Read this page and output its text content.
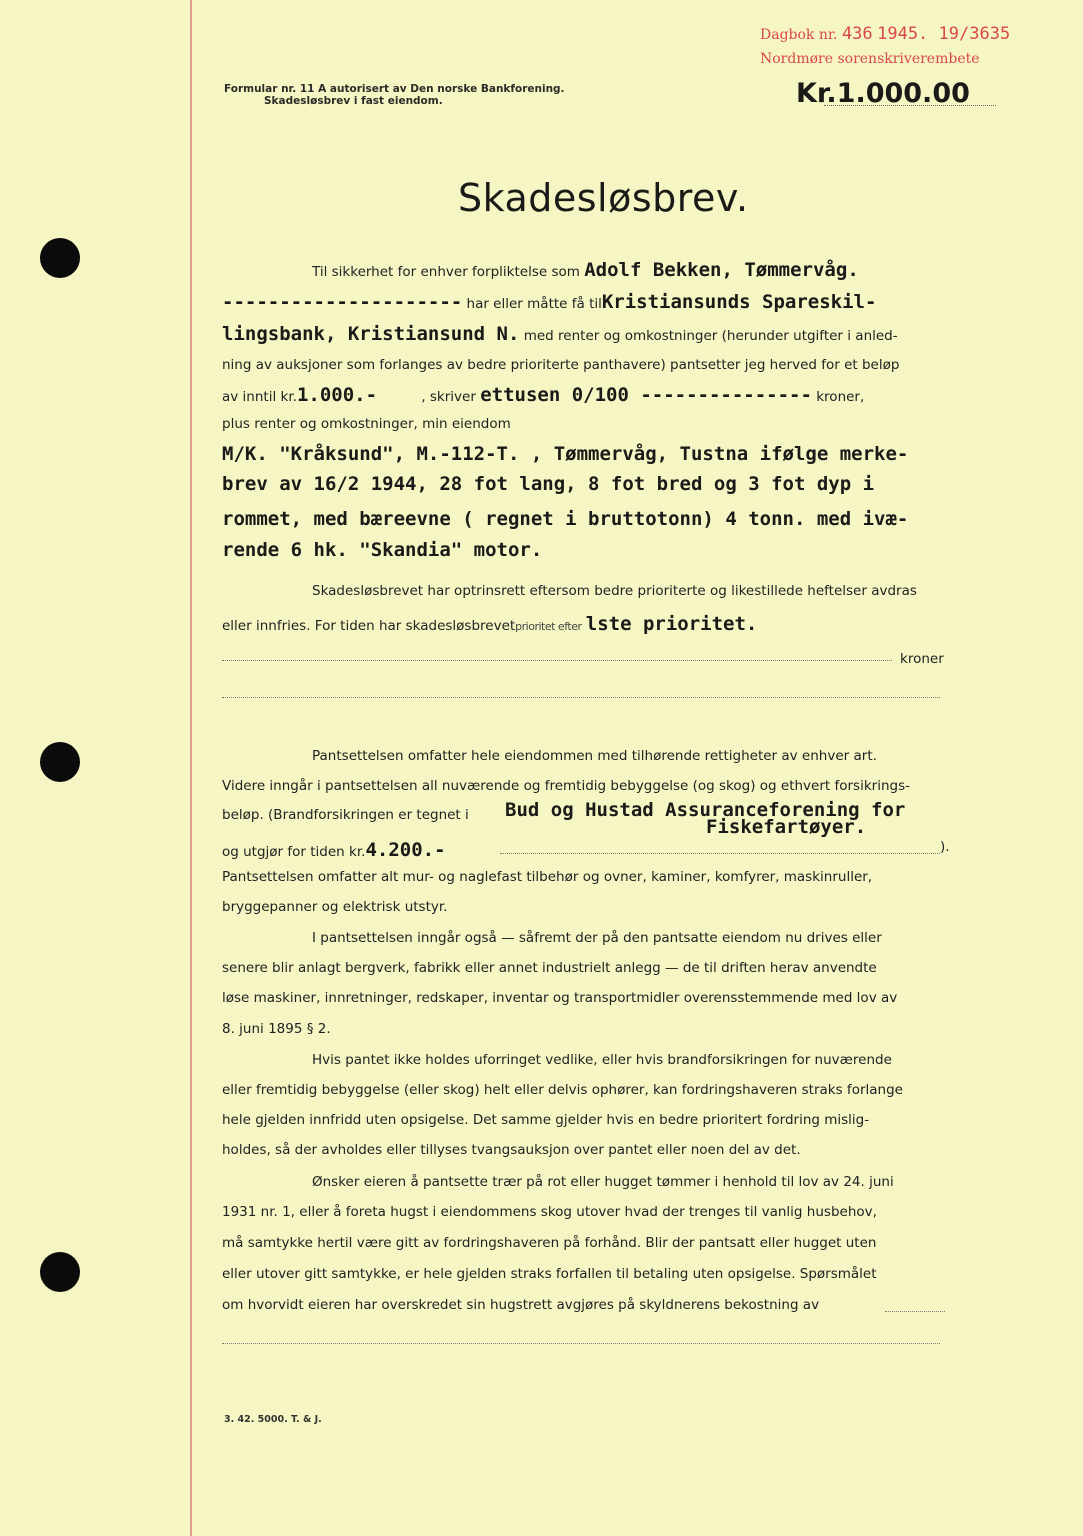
Dagbok nr. 436 1945. 19/3635
Nordmøre sorenskriverembete
Formular nr. 11 A autorisert av Den norske Bankforening.
Skadesløsbrev i fast eiendom.	Kr.1.000.00
Skadesløsbrev.
Til sikkerhet for enhver forpliktelse som Adolf Bekken, Tømmervåg.
--------------------- har eller måtte få tilKristiansunds Spareskil-
lingsbank, Kristiansund N. med renter og omkostninger (herunder utgifter i anled-
ning av auksjoner som forlanges av bedre prioriterte panthavere) pantsetter jeg herved for et beløp
av inntil kr.1.000.-	, skriver ettusen 0/100 --------------- kroner,
plus renter og omkostninger, min eiendom
M/K. "Kråksund", M.-112-T. , Tømmervåg, Tustna ifølge merke-
brev av 16/2 1944, 28 fot lang, 8 fot bred og 3 fot dyp i
rommet, med bæreevne ( regnet i bruttotonn) 4 tonn. med ivæ-
rende 6 hk. "Skandia" motor.
Skadesløsbrevet har optrinsrett eftersom bedre prioriterte og likestillede heftelser avdras
eller innfries. For tiden har skadesløsbrevetprioritet efter lste prioritet.
kroner
Pantsettelsen omfatter hele eiendommen med tilhørende rettigheter av enhver art.
Videre inngår i pantsettelsen all nuværende og fremtidig bebyggelse (og skog) og ethvert forsikrings-
beløp. (Brandforsikringen er tegnet i Bud og Hustad Assuranceforening for
Fiskefartøyer.
og utgjør for tiden kr.4.200.-	).
Pantsettelsen omfatter alt mur- og naglefast tilbehør og ovner, kaminer, komfyrer, maskinruller,
bryggepanner og elektrisk utstyr.
I pantsettelsen inngår også — såfremt der på den pantsatte eiendom nu drives eller
senere blir anlagt bergverk, fabrikk eller annet industrielt anlegg — de til driften herav anvendte
løse maskiner, innretninger, redskaper, inventar og transportmidler overensstemmende med lov av
8. juni 1895 § 2.
Hvis pantet ikke holdes uforringet vedlike, eller hvis brandforsikringen for nuværende
eller fremtidig bebyggelse (eller skog) helt eller delvis ophører, kan fordringshaveren straks forlange
hele gjelden innfridd uten opsigelse. Det samme gjelder hvis en bedre prioritert fordring mislig-
holdes, så der avholdes eller tillyses tvangsauksjon over pantet eller noen del av det.
Ønsker eieren å pantsette trær på rot eller hugget tømmer i henhold til lov av 24. juni
1931 nr. 1, eller å foreta hugst i eiendommens skog utover hvad der trenges til vanlig husbehov,
må samtykke hertil være gitt av fordringshaveren på forhånd. Blir der pantsatt eller hugget uten
eller utover gitt samtykke, er hele gjelden straks forfallen til betaling uten opsigelse. Spørsmålet
om hvorvidt eieren har overskredet sin hugstrett avgjøres på skyldnerens bekostning av
3. 42. 5000. T. & J.
